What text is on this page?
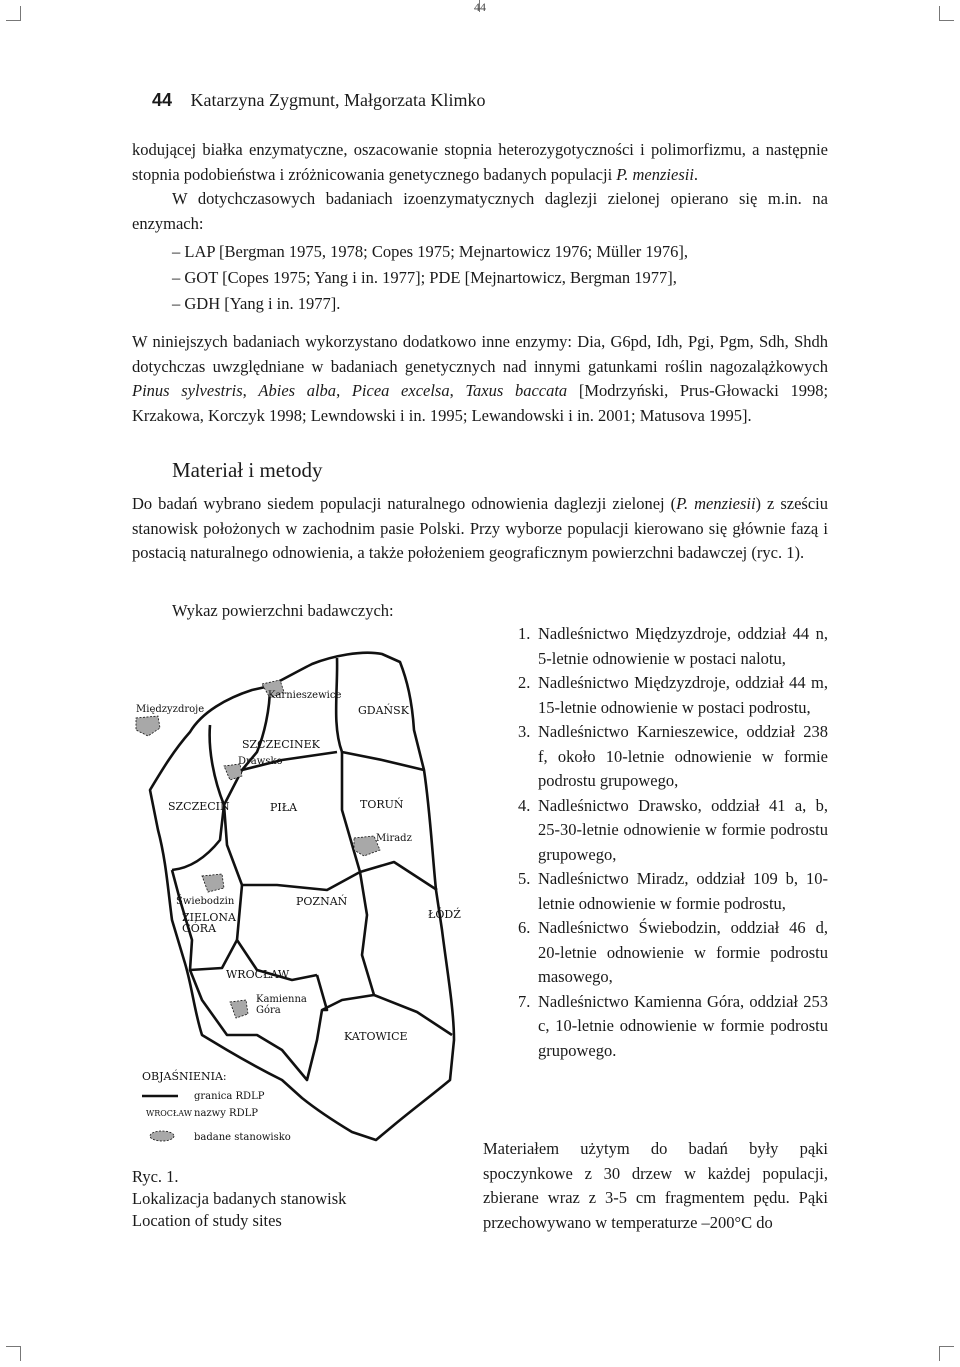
44
44 Katarzyna Zygmunt, Małgorzata Klimko

kodującej białka enzymatyczne, oszacowanie stopnia heterozygotyczności i polimorfizmu, a następnie stopnia podobieństwa i zróżnicowania genetycznego badanych populacji P. menziesii.

W dotychczasowych badaniach izoenzymatycznych daglezji zielonej opierano się m.in. na enzymach:

– LAP [Bergman 1975, 1978; Copes 1975; Mejnartowicz 1976; Müller 1976],
– GOT [Copes 1975; Yang i in. 1977]; PDE [Mejnartowicz, Bergman 1977],
– GDH [Yang i in. 1977].

W niniejszych badaniach wykorzystano dodatkowo inne enzymy: Dia, G6pd, Idh, Pgi, Pgm, Sdh, Shdh dotychczas uwzględniane w badaniach genetycznych nad innymi gatunkami roślin nagozalążkowych Pinus sylvestris, Abies alba, Picea excelsa, Taxus baccata [Modrzyński, Prus-Głowacki 1998; Krzakowa, Korczyk 1998; Lewndowski i in. 1995; Lewandowski i in. 2001; Matusova 1995].

Materiał i metody

Do badań wybrano siedem populacji naturalnego odnowienia daglezji zielonej (P. menziesii) z sześciu stanowisk położonych w zachodnim pasie Polski. Przy wyborze populacji kierowano się głównie fazą i postacią naturalnego odnowienia, a także położeniem geograficznym powierzchni badawczej (ryc. 1).

Wykaz powierzchni badawczych:

GDAŃSK
SZCZECINEK
SZCZECIN	PIŁA	TORUŃ
POZNAŃ
ŁÓDŹ
ZIELONA
GÓRA
WROCŁAW
KATOWICE
Międzyzdroje
Karnieszewice
Drawsko
Miradz
Świebodzin
Kamienna
Góra
OBJAŚNIENIA:
granica RDLP
WROCŁAW nazwy RDLP
badane stanowisko
1. Nadleśnictwo Międzyzdroje, oddział 44 n, 5-letnie odnowienie w postaci nalotu,
2. Nadleśnictwo Międzyzdroje, oddział 44 m, 15-letnie odnowienie w postaci podrostu,
3. Nadleśnictwo Karnieszewice, oddział 238 f, około 10-letnie odnowienie w formie podrostu grupowego,
4. Nadleśnictwo Drawsko, oddział 41 a, b, 25-30-letnie odnowienie w formie podrostu grupowego,
5. Nadleśnictwo Miradz, oddział 109 b, 10-letnie odnowienie w formie podrostu,
6. Nadleśnictwo Świebodzin, oddział 46 d, 20-letnie odnowienie w formie podrostu masowego,
7. Nadleśnictwo Kamienna Góra, oddział 253 c, 10-letnie odnowienie w formie podrostu grupowego.

Materiałem użytym do badań były pąki spoczynkowe z 30 drzew w każdej populacji, zbierane wraz z 3-5 cm fragmentem pędu. Pąki przechowywano w temperaturze –200°C do

Ryc. 1.
Lokalizacja badanych stanowisk
Location of study sites
